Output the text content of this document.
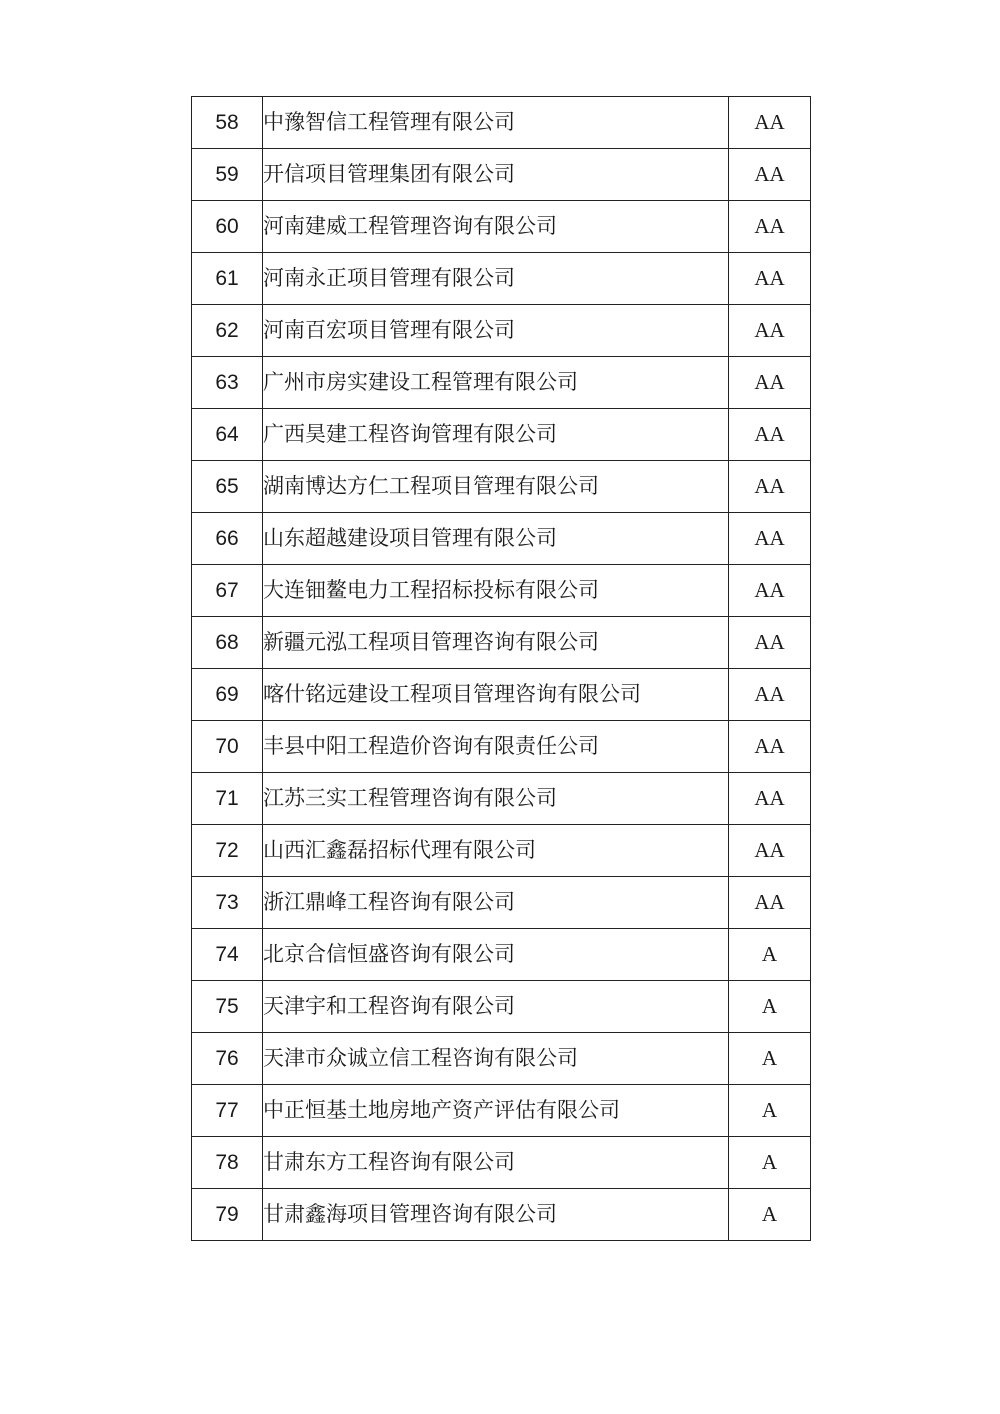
58	中豫智信工程管理有限公司	AA
59	开信项目管理集团有限公司	AA
60	河南建威工程管理咨询有限公司	AA
61	河南永正项目管理有限公司	AA
62	河南百宏项目管理有限公司	AA
63	广州市房实建设工程管理有限公司	AA
64	广西昊建工程咨询管理有限公司	AA
65	湖南博达方仁工程项目管理有限公司	AA
66	山东超越建设项目管理有限公司	AA
67	大连钿鳌电力工程招标投标有限公司	AA
68	新疆元泓工程项目管理咨询有限公司	AA
69	喀什铭远建设工程项目管理咨询有限公司	AA
70	丰县中阳工程造价咨询有限责任公司	AA
71	江苏三实工程管理咨询有限公司	AA
72	山西汇鑫磊招标代理有限公司	AA
73	浙江鼎峰工程咨询有限公司	AA
74	北京合信恒盛咨询有限公司	A
75	天津宇和工程咨询有限公司	A
76	天津市众诚立信工程咨询有限公司	A
77	中正恒基土地房地产资产评估有限公司	A
78	甘肃东方工程咨询有限公司	A
79	甘肃鑫海项目管理咨询有限公司	A
